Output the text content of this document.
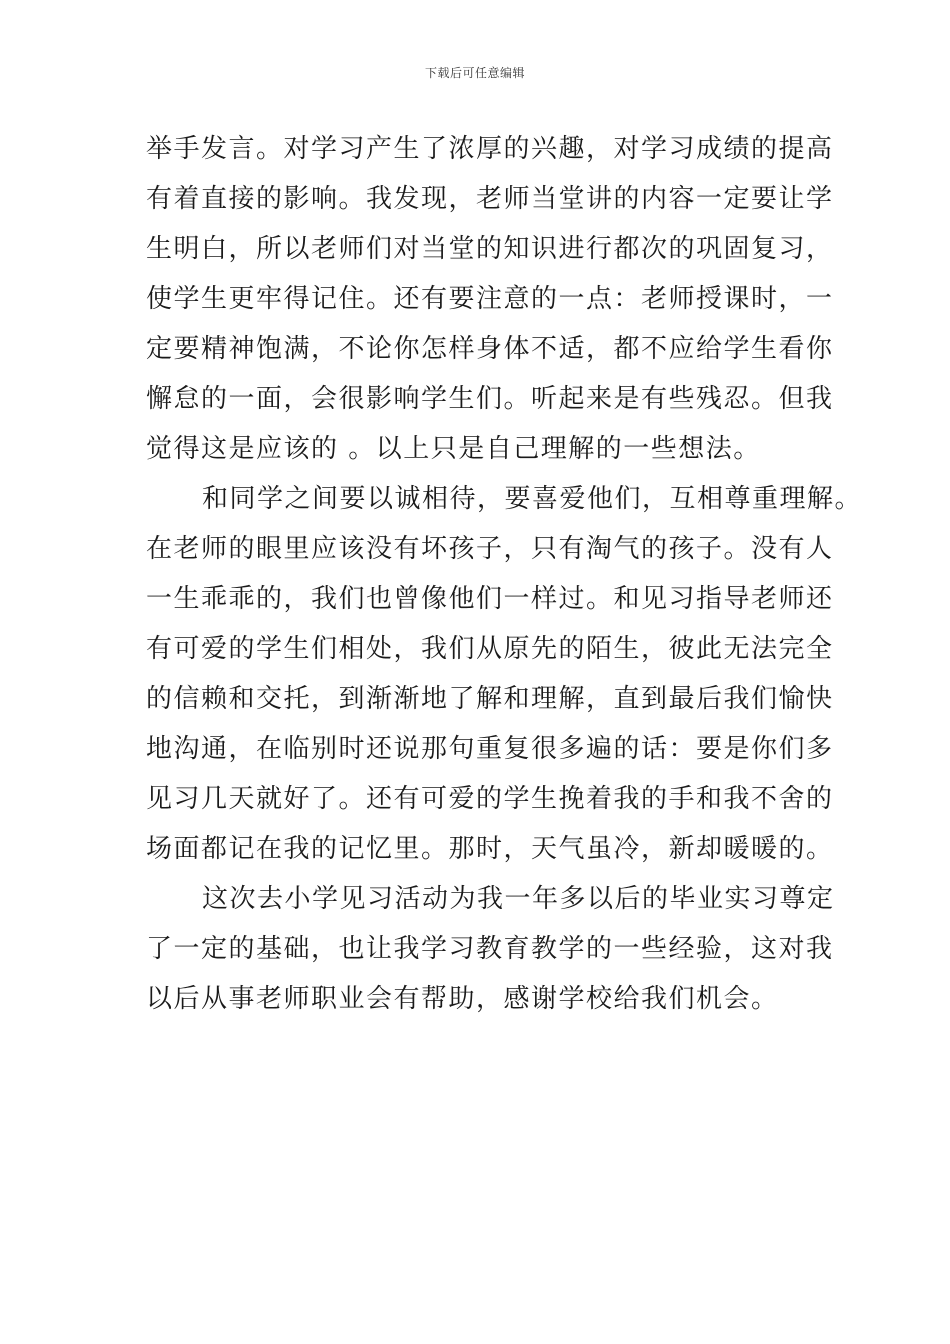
下载后可任意编辑
举手发言。对学习产生了浓厚的兴趣，对学习成绩的提高
有着直接的影响。我发现，老师当堂讲的内容一定要让学
生明白，所以老师们对当堂的知识进行都次的巩固复习，
使学生更牢得记住。还有要注意的一点：老师授课时，一
定要精神饱满，不论你怎样身体不适，都不应给学生看你
懈怠的一面，会很影响学生们。听起来是有些残忍。但我
觉得这是应该的 。以上只是自己理解的一些想法。
和同学之间要以诚相待，要喜爱他们，互相尊重理解。
在老师的眼里应该没有坏孩子，只有淘气的孩子。没有人
一生乖乖的，我们也曾像他们一样过。和见习指导老师还
有可爱的学生们相处，我们从原先的陌生，彼此无法完全
的信赖和交托，到渐渐地了解和理解，直到最后我们愉快
地沟通，在临别时还说那句重复很多遍的话：要是你们多
见习几天就好了。还有可爱的学生挽着我的手和我不舍的
场面都记在我的记忆里。那时，天气虽冷，新却暖暖的。
这次去小学见习活动为我一年多以后的毕业实习尊定
了一定的基础，也让我学习教育教学的一些经验，这对我
以后从事老师职业会有帮助，感谢学校给我们机会。
